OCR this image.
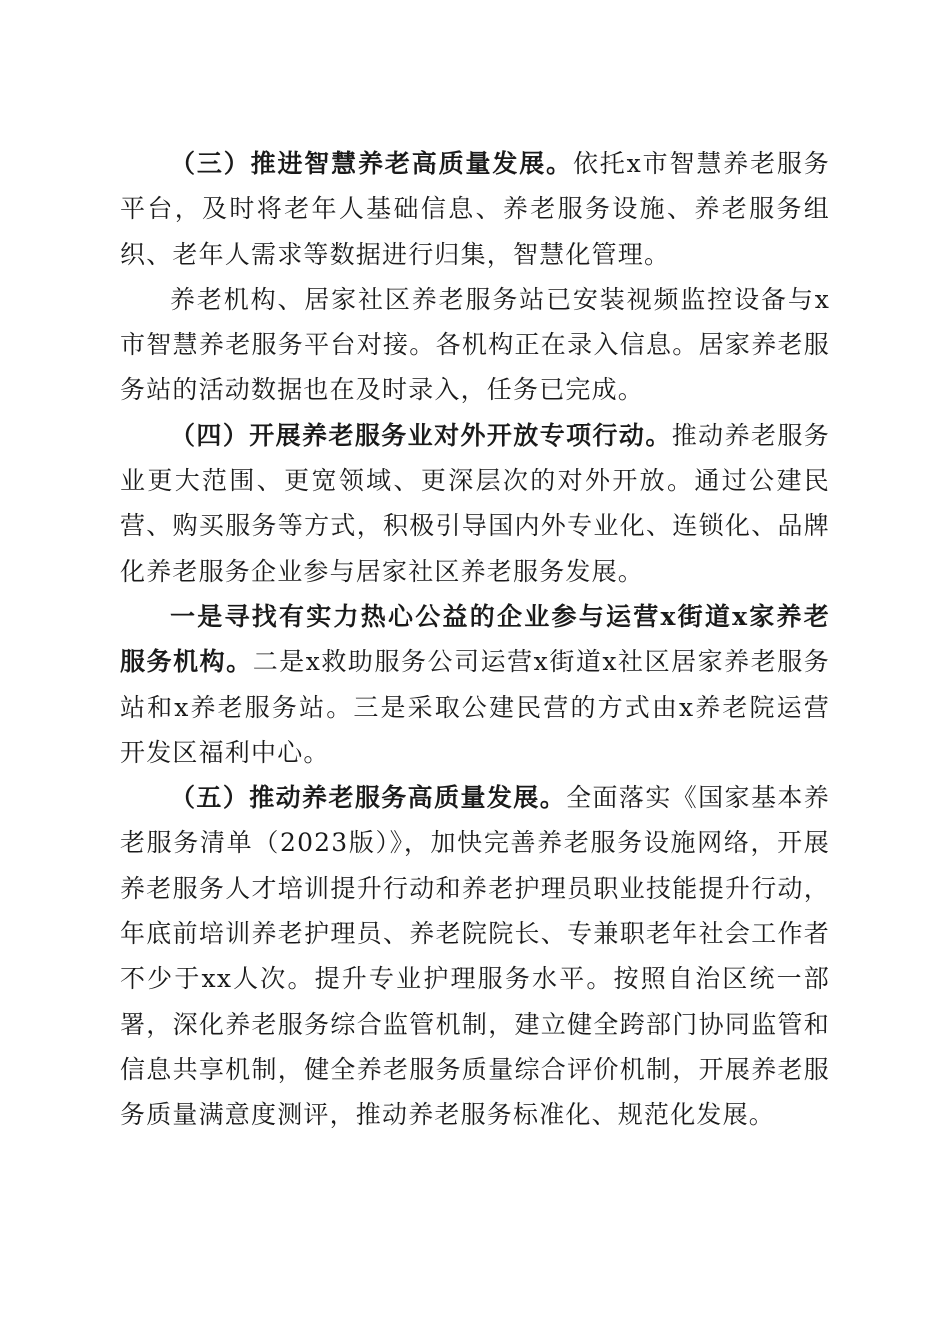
（三）推进智慧养老高质量发展。依托x市智慧养老服务平台，及时将老年人基础信息、养老服务设施、养老服务组织、老年人需求等数据进行归集，智慧化管理。

养老机构、居家社区养老服务站已安装视频监控设备与x市智慧养老服务平台对接。各机构正在录入信息。居家养老服务站的活动数据也在及时录入，任务已完成。

（四）开展养老服务业对外开放专项行动。推动养老服务业更大范围、更宽领域、更深层次的对外开放。通过公建民营、购买服务等方式，积极引导国内外专业化、连锁化、品牌化养老服务企业参与居家社区养老服务发展。

一是寻找有实力热心公益的企业参与运营x街道x家养老服务机构。二是x救助服务公司运营x街道x社区居家养老服务站和x养老服务站。三是采取公建民营的方式由x养老院运营开发区福利中心。

（五）推动养老服务高质量发展。全面落实《国家基本养老服务清单（2023版）》，加快完善养老服务设施网络，开展养老服务人才培训提升行动和养老护理员职业技能提升行动，年底前培训养老护理员、养老院院长、专兼职老年社会工作者不少于xx人次。提升专业护理服务水平。按照自治区统一部署，深化养老服务综合监管机制，建立健全跨部门协同监管和信息共享机制，健全养老服务质量综合评价机制，开展养老服务质量满意度测评，推动养老服务标准化、规范化发展。
